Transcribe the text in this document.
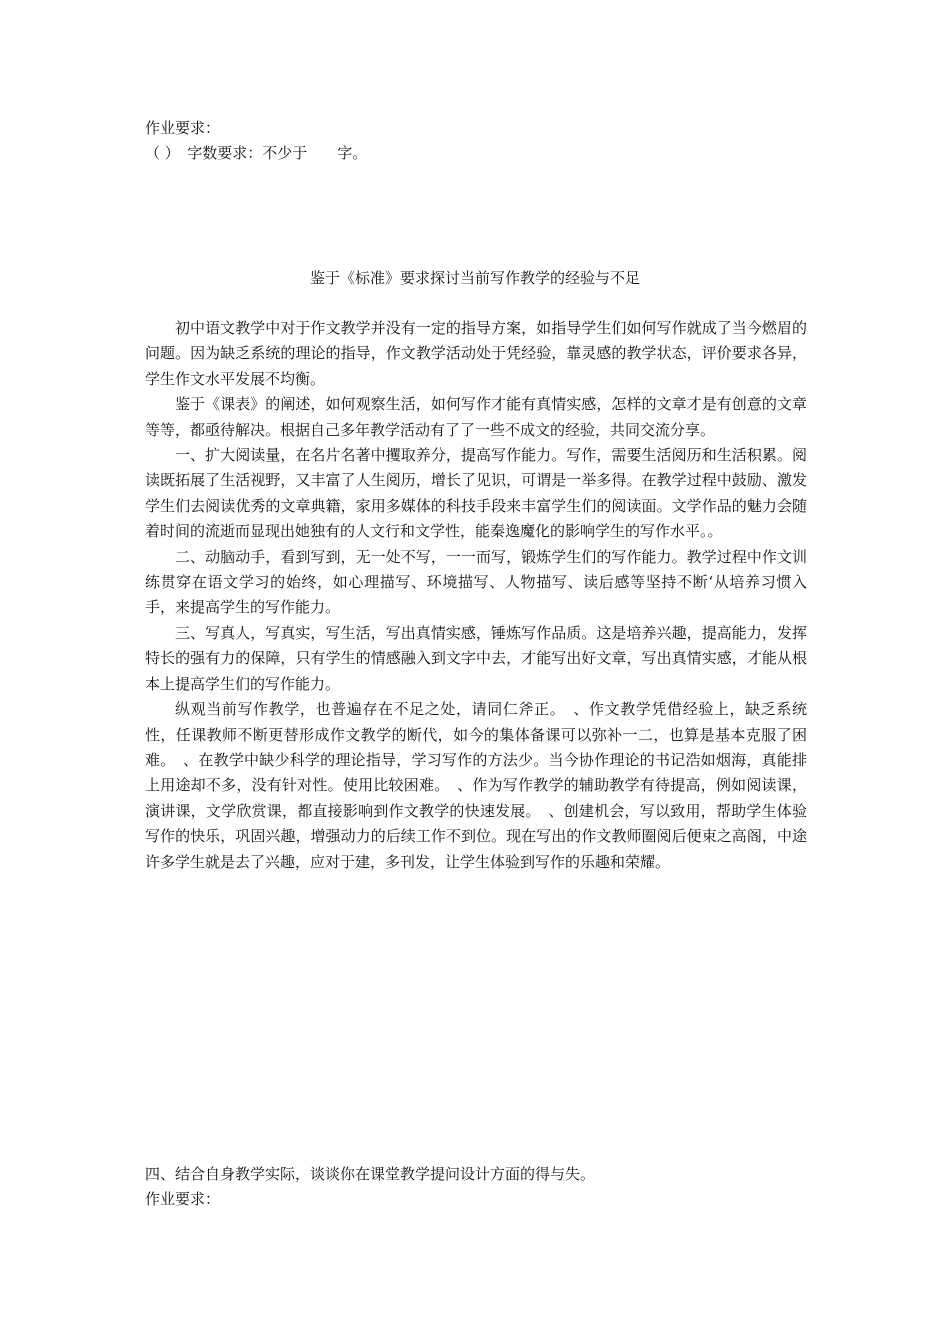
作业要求：

（ ）　字数要求：不少于　　字。

鉴于《标准》要求探讨当前写作教学的经验与不足

初中语文教学中对于作文教学并没有一定的指导方案，如指导学生们如何写作就成了当今燃眉的问题。因为缺乏系统的理论的指导，作文教学活动处于凭经验，靠灵感的教学状态，评价要求各异，学生作文水平发展不均衡。

鉴于《课表》的阐述，如何观察生活，如何写作才能有真情实感，怎样的文章才是有创意的文章等等，都亟待解决。根据自己多年教学活动有了了一些不成文的经验，共同交流分享。

一、扩大阅读量，在名片名著中攫取养分，提高写作能力。写作，需要生活阅历和生活积累。阅读既拓展了生活视野，又丰富了人生阅历，增长了见识，可谓是一举多得。在教学过程中鼓励、激发学生们去阅读优秀的文章典籍，家用多媒体的科技手段来丰富学生们的阅读面。文学作品的魅力会随着时间的流逝而显现出她独有的人文行和文学性，能秦逸魔化的影响学生的写作水平。。

二、动脑动手，看到写到，无一处不写，一一而写，锻炼学生们的写作能力。教学过程中作文训练贯穿在语文学习的始终，如心理描写、环境描写、人物描写、读后感等坚持不断‘从培养习惯入手，来提高学生的写作能力。

三、写真人，写真实，写生活，写出真情实感，锤炼写作品质。这是培养兴趣，提高能力，发挥特长的强有力的保障，只有学生的情感融入到文字中去，才能写出好文章，写出真情实感，才能从根本上提高学生们的写作能力。

纵观当前写作教学，也普遍存在不足之处，请同仁斧正。　、作文教学凭借经验上，缺乏系统性，任课教师不断更替形成作文教学的断代，如今的集体备课可以弥补一二，也算是基本克服了困难。　、在教学中缺少科学的理论指导，学习写作的方法少。当今协作理论的书记浩如烟海，真能排上用途却不多，没有针对性。使用比较困难。　、作为写作教学的辅助教学有待提高，例如阅读课，演讲课，文学欣赏课，都直接影响到作文教学的快速发展。　、创建机会，写以致用，帮助学生体验写作的快乐，巩固兴趣，增强动力的后续工作不到位。现在写出的作文教师圈阅后便束之高阁，中途许多学生就是去了兴趣，应对于建，多刊发，让学生体验到写作的乐趣和荣耀。

四、结合自身教学实际，谈谈你在课堂教学提问设计方面的得与失。

作业要求：
